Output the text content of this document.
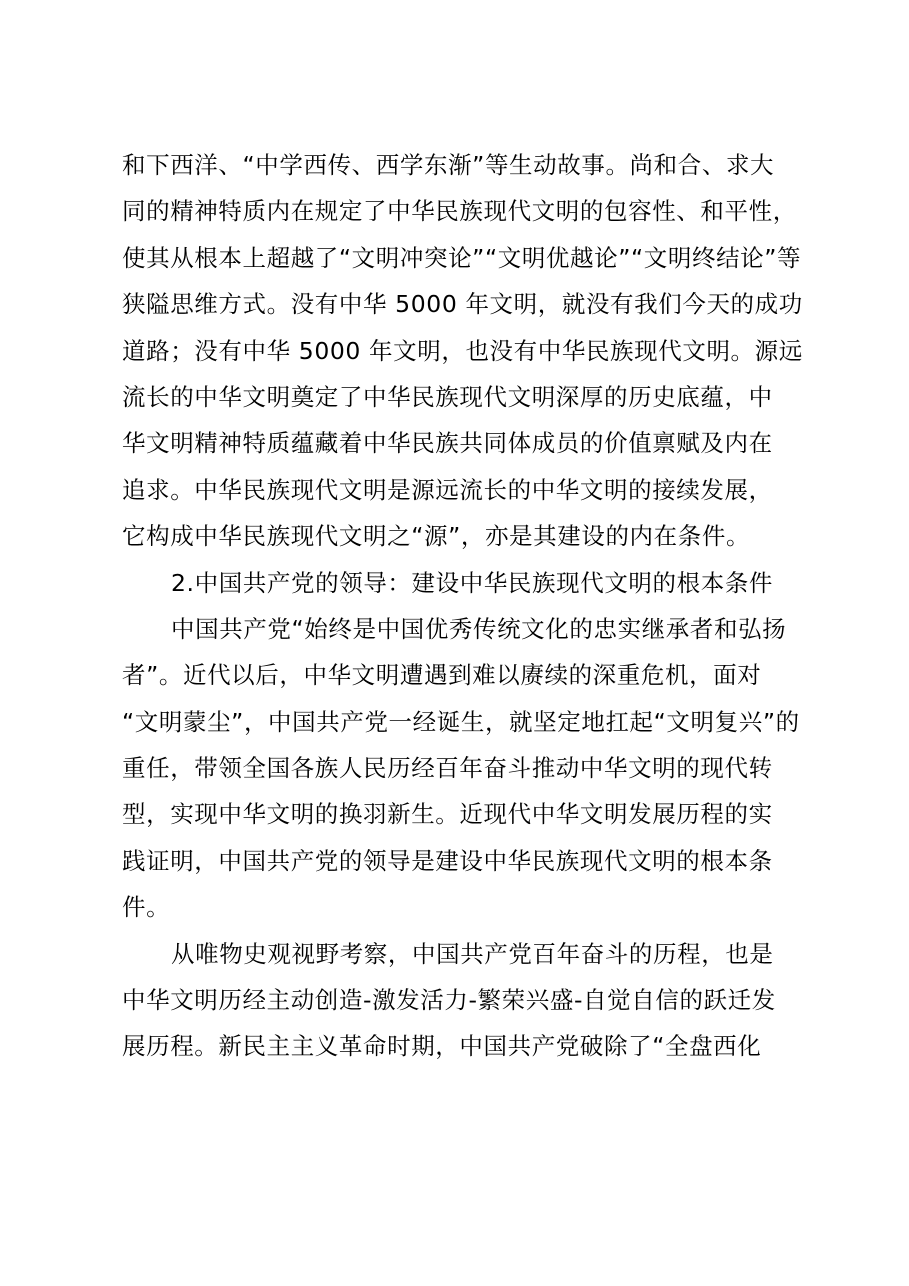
和下西洋、“中学西传、西学东渐”等生动故事。尚和合、求大
同的精神特质内在规定了中华民族现代文明的包容性、和平性，
使其从根本上超越了“文明冲突论”“文明优越论”“文明终结论”等
狭隘思维方式。没有中华 5000 年文明，就没有我们今天的成功
道路；没有中华 5000 年文明，也没有中华民族现代文明。源远
流长的中华文明奠定了中华民族现代文明深厚的历史底蕴，中
华文明精神特质蕴藏着中华民族共同体成员的价值禀赋及内在
追求。中华民族现代文明是源远流长的中华文明的接续发展，
它构成中华民族现代文明之“源”，亦是其建设的内在条件。
2.中国共产党的领导：建设中华民族现代文明的根本条件
中国共产党“始终是中国优秀传统文化的忠实继承者和弘扬
者”。近代以后，中华文明遭遇到难以赓续的深重危机，面对
“文明蒙尘”，中国共产党一经诞生，就坚定地扛起“文明复兴”的
重任，带领全国各族人民历经百年奋斗推动中华文明的现代转
型，实现中华文明的换羽新生。近现代中华文明发展历程的实
践证明，中国共产党的领导是建设中华民族现代文明的根本条
件。
从唯物史观视野考察，中国共产党百年奋斗的历程，也是
中华文明历经主动创造-激发活力-繁荣兴盛-自觉自信的跃迁发
展历程。新民主主义革命时期，中国共产党破除了“全盘西化
